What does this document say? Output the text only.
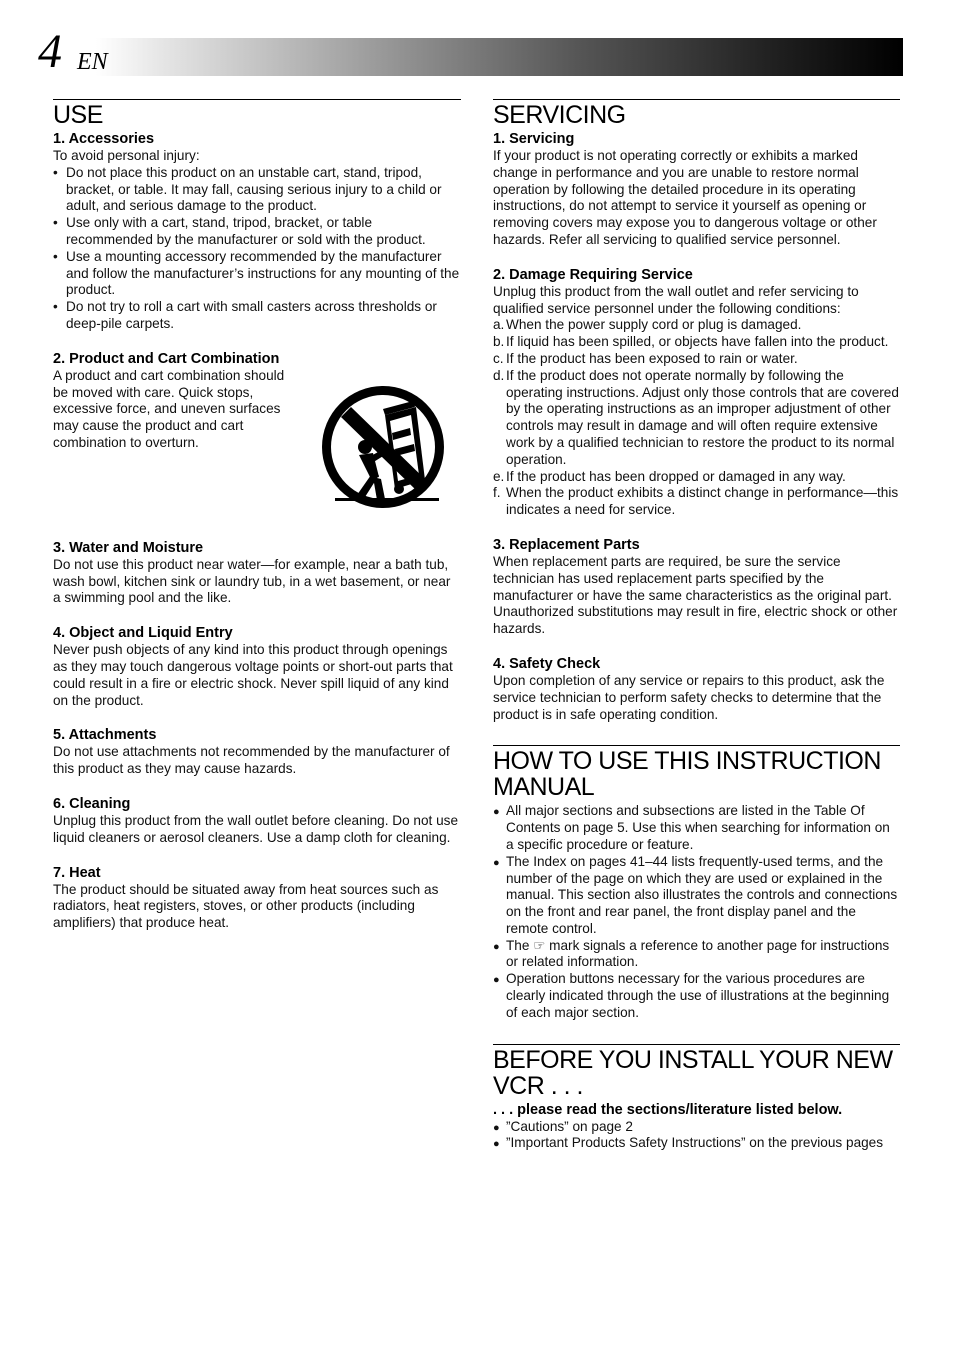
4 EN
USE
1. Accessories
To avoid personal injury:
• Do not place this product on an unstable cart, stand, tripod, bracket, or table. It may fall, causing serious injury to a child or adult, and serious damage to the product.
• Use only with a cart, stand, tripod, bracket, or table recommended by the manufacturer or sold with the product.
• Use a mounting accessory recommended by the manufacturer and follow the manufacturer’s instructions for any mounting of the product.
• Do not try to roll a cart with small casters across thresholds or deep-pile carpets.
2. Product and Cart Combination
A product and cart combination should be moved with care. Quick stops, excessive force, and uneven surfaces may cause the product and cart combination to overturn.
3. Water and Moisture
Do not use this product near water—for example, near a bath tub, wash bowl, kitchen sink or laundry tub, in a wet basement, or near a swimming pool and the like.
4. Object and Liquid Entry
Never push objects of any kind into this product through openings as they may touch dangerous voltage points or short-out parts that could result in a fire or electric shock. Never spill liquid of any kind on the product.
5. Attachments
Do not use attachments not recommended by the manufacturer of this product as they may cause hazards.
6. Cleaning
Unplug this product from the wall outlet before cleaning. Do not use liquid cleaners or aerosol cleaners. Use a damp cloth for cleaning.
7. Heat
The product should be situated away from heat sources such as radiators, heat registers, stoves, or other products (including amplifiers) that produce heat.
SERVICING
1. Servicing
If your product is not operating correctly or exhibits a marked change in performance and you are unable to restore normal operation by following the detailed procedure in its operating instructions, do not attempt to service it yourself as opening or removing covers may expose you to dangerous voltage or other hazards. Refer all servicing to qualified service personnel.
2. Damage Requiring Service
Unplug this product from the wall outlet and refer servicing to qualified service personnel under the following conditions:
a. When the power supply cord or plug is damaged.
b. If liquid has been spilled, or objects have fallen into the product.
c. If the product has been exposed to rain or water.
d. If the product does not operate normally by following the operating instructions. Adjust only those controls that are covered by the operating instructions as an improper adjustment of other controls may result in damage and will often require extensive work by a qualified technician to restore the product to its normal operation.
e. If the product has been dropped or damaged in any way.
f. When the product exhibits a distinct change in performance—this indicates a need for service.
3. Replacement Parts
When replacement parts are required, be sure the service technician has used replacement parts specified by the manufacturer or have the same characteristics as the original part. Unauthorized substitutions may result in fire, electric shock or other hazards.
4. Safety Check
Upon completion of any service or repairs to this product, ask the service technician to perform safety checks to determine that the product is in safe operating condition.
HOW TO USE THIS INSTRUCTION MANUAL
● All major sections and subsections are listed in the Table Of Contents on page 5. Use this when searching for information on a specific procedure or feature.
● The Index on pages 41–44 lists frequently-used terms, and the number of the page on which they are used or explained in the manual. This section also illustrates the controls and connections on the front and rear panel, the front display panel and the remote control.
● The ☞ mark signals a reference to another page for instructions or related information.
● Operation buttons necessary for the various procedures are clearly indicated through the use of illustrations at the beginning of each major section.
BEFORE YOU INSTALL YOUR NEW VCR . . .
. . . please read the sections/literature listed below.
● ”Cautions” on page 2
● ”Important Products Safety Instructions” on the previous pages
